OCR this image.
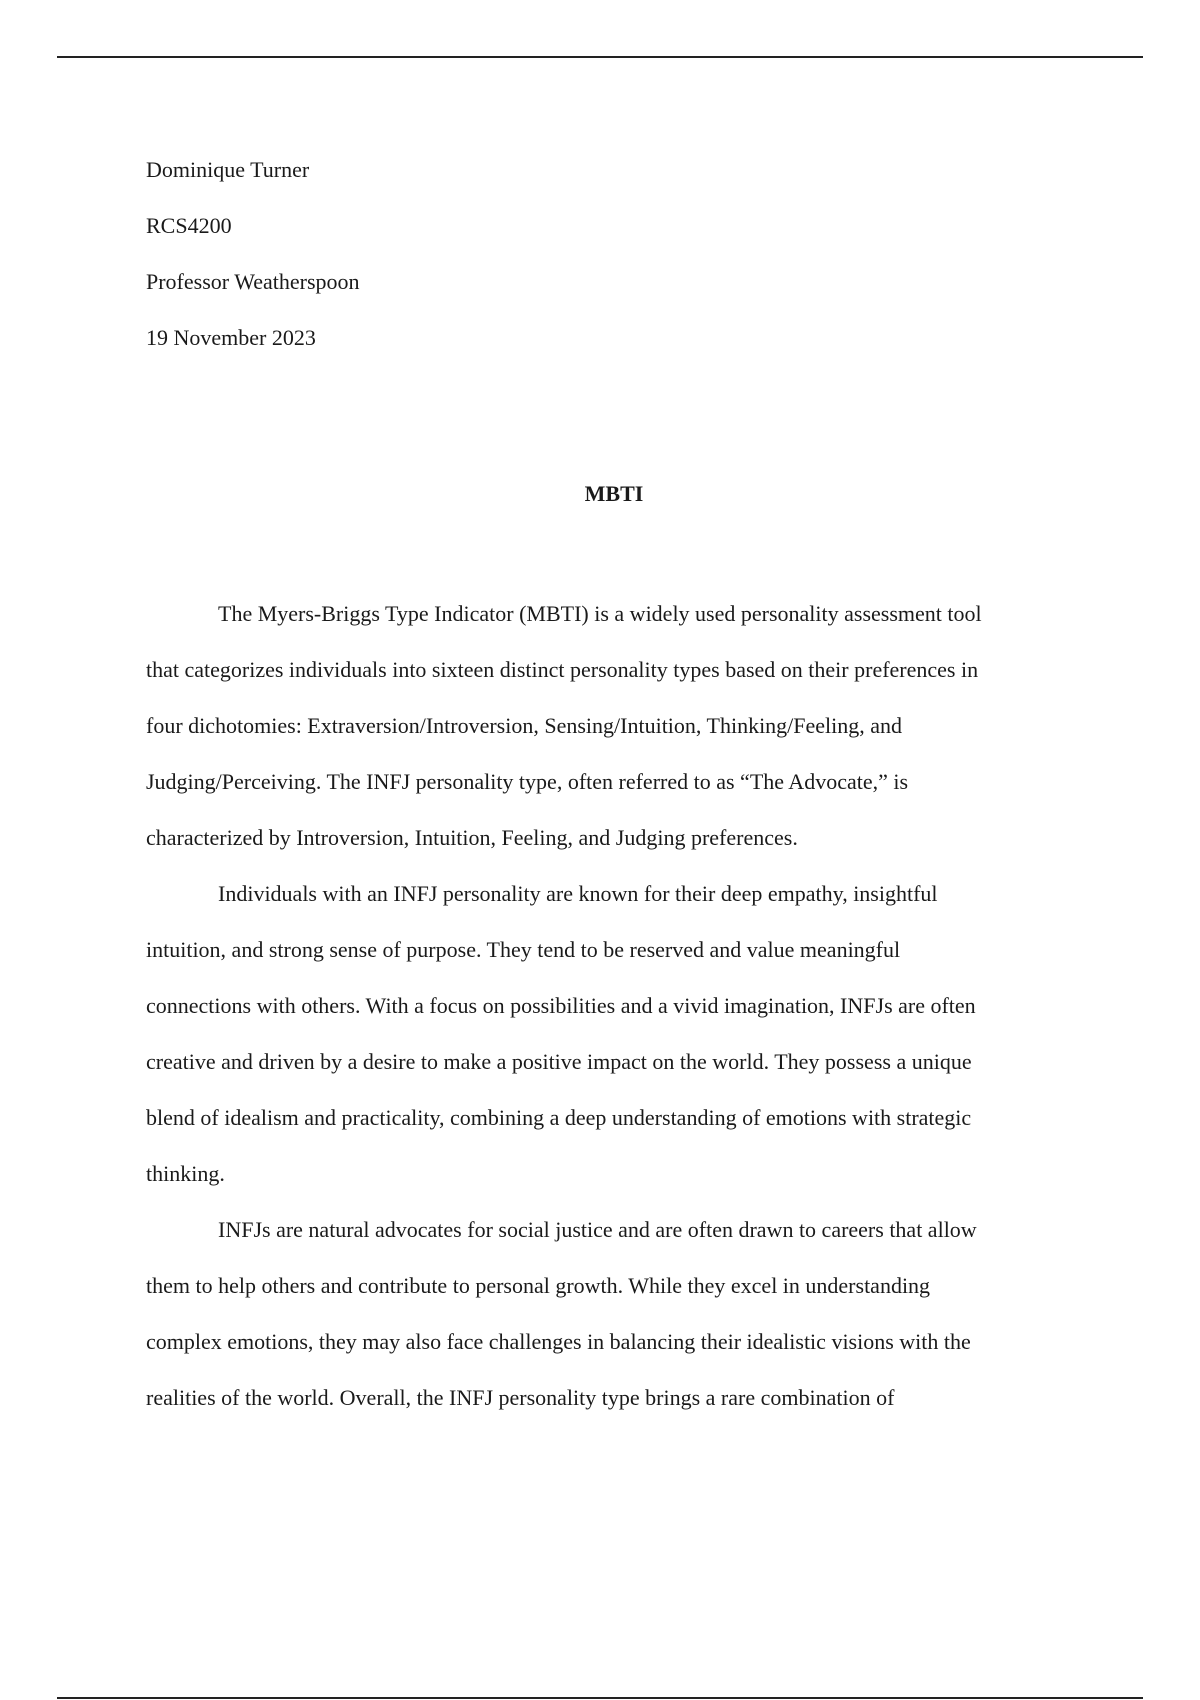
Dominique Turner
RCS4200
Professor Weatherspoon
19 November 2023
MBTI
The Myers-Briggs Type Indicator (MBTI) is a widely used personality assessment tool
that categorizes individuals into sixteen distinct personality types based on their preferences in
four dichotomies: Extraversion/Introversion, Sensing/Intuition, Thinking/Feeling, and
Judging/Perceiving. The INFJ personality type, often referred to as “The Advocate,” is
characterized by Introversion, Intuition, Feeling, and Judging preferences.
Individuals with an INFJ personality are known for their deep empathy, insightful
intuition, and strong sense of purpose. They tend to be reserved and value meaningful
connections with others. With a focus on possibilities and a vivid imagination, INFJs are often
creative and driven by a desire to make a positive impact on the world. They possess a unique
blend of idealism and practicality, combining a deep understanding of emotions with strategic
thinking.
INFJs are natural advocates for social justice and are often drawn to careers that allow
them to help others and contribute to personal growth. While they excel in understanding
complex emotions, they may also face challenges in balancing their idealistic visions with the
realities of the world. Overall, the INFJ personality type brings a rare combination of
